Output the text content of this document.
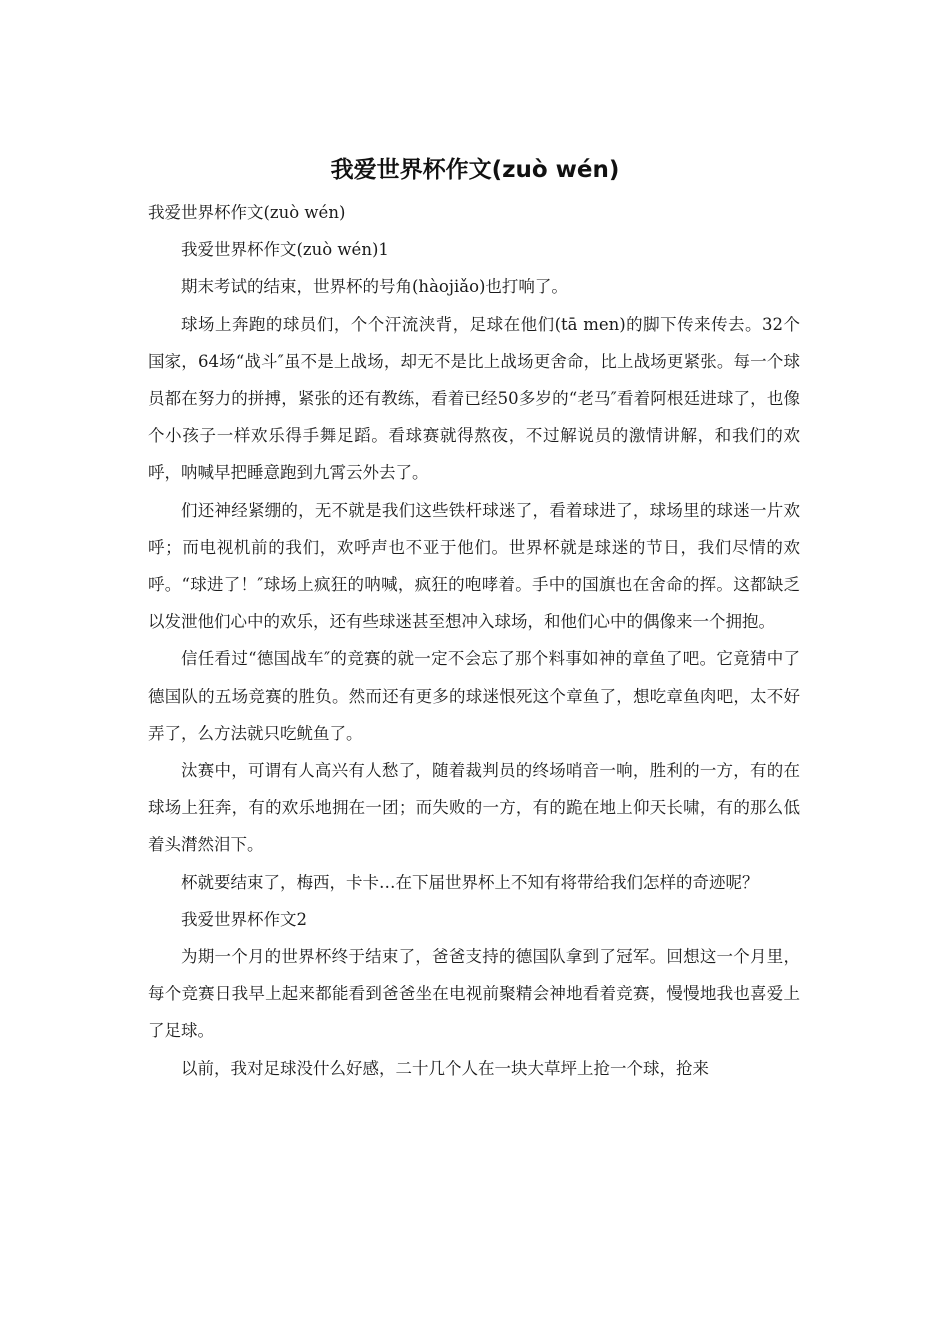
我爱世界杯作文(zuò wén)

我爱世界杯作文(zuò wén)

我爱世界杯作文(zuò wén)1

期末考试的结束，世界杯的号角(hàojiǎo)也打响了。

球场上奔跑的球员们，个个汗流浃背，足球在他们(tā men)的脚下传来传去。32个国家，64场“战斗″虽不是上战场，却无不是比上战场更舍命，比上战场更紧张。每一个球员都在努力的拼搏，紧张的还有教练，看着已经50多岁的“老马″看着阿根廷进球了，也像个小孩子一样欢乐得手舞足蹈。看球赛就得熬夜，不过解说员的激情讲解，和我们的欢呼，呐喊早把睡意跑到九霄云外去了。

们还神经紧绷的，无不就是我们这些铁杆球迷了，看着球进了，球场里的球迷一片欢呼；而电视机前的我们，欢呼声也不亚于他们。世界杯就是球迷的节日，我们尽情的欢呼。“球进了！″球场上疯狂的呐喊，疯狂的咆哮着。手中的国旗也在舍命的挥。这都缺乏以发泄他们心中的欢乐，还有些球迷甚至想冲入球场，和他们心中的偶像来一个拥抱。

信任看过“德国战车″的竞赛的就一定不会忘了那个料事如神的章鱼了吧。它竟猜中了德国队的五场竞赛的胜负。然而还有更多的球迷恨死这个章鱼了，想吃章鱼肉吧，太不好弄了，么方法就只吃鱿鱼了。

汰赛中，可谓有人高兴有人愁了，随着裁判员的终场哨音一响，胜利的一方，有的在球场上狂奔，有的欢乐地拥在一团；而失败的一方，有的跪在地上仰天长啸，有的那么低着头潸然泪下。

杯就要结束了，梅西，卡卡…在下届世界杯上不知有将带给我们怎样的奇迹呢？

我爱世界杯作文2

为期一个月的世界杯终于结束了，爸爸支持的德国队拿到了冠军。回想这一个月里，每个竞赛日我早上起来都能看到爸爸坐在电视前聚精会神地看着竞赛，慢慢地我也喜爱上了足球。

以前，我对足球没什么好感，二十几个人在一块大草坪上抢一个球，抢来
